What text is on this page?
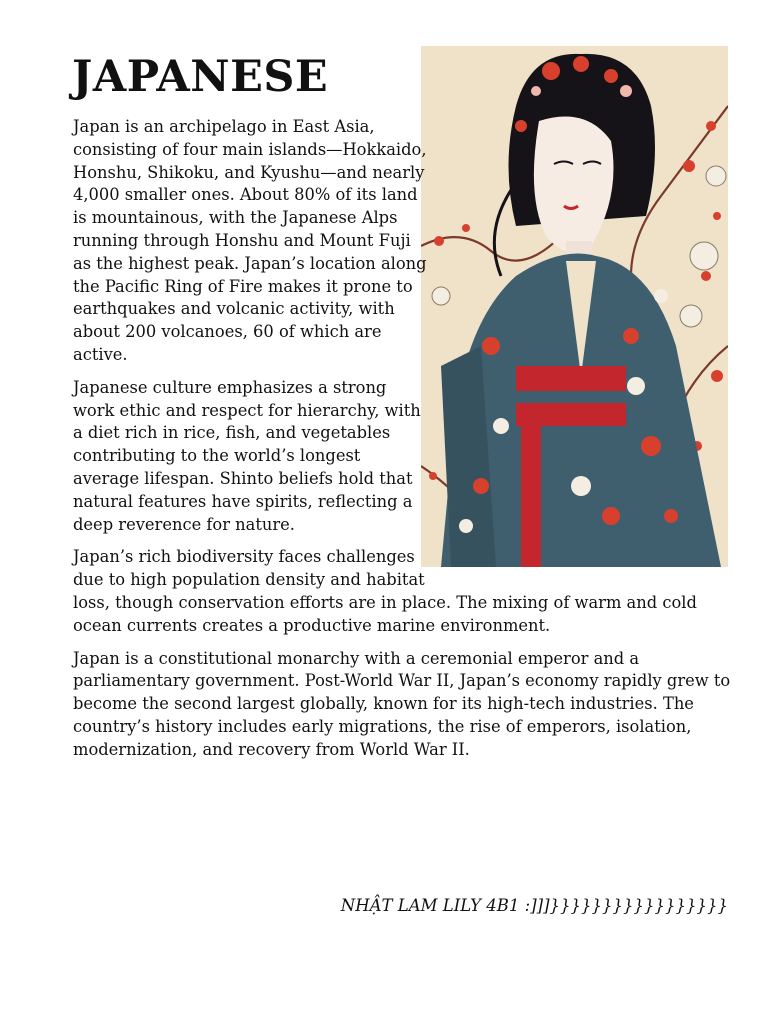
JAPANESE

Japan is an archipelago in East Asia, consisting of four main islands—Hokkaido, Honshu, Shikoku, and Kyushu—and nearly 4,000 smaller ones. About 80% of its land is mountainous, with the Japanese Alps running through Honshu and Mount Fuji as the highest peak. Japan’s location along the Pacific Ring of Fire makes it prone to earthquakes and volcanic activity, with about 200 volcanoes, 60 of which are active.

Japanese culture emphasizes a strong work ethic and respect for hierarchy, with a diet rich in rice, fish, and vegetables contributing to the world’s longest average lifespan. Shinto beliefs hold that natural features have spirits, reflecting a deep reverence for nature.

Japan’s rich biodiversity faces challenges due to high population density and habitat loss, though conservation efforts are in place. The mixing of warm and cold ocean currents creates a productive marine environment.

Japan is a constitutional monarchy with a ceremonial emperor and a parliamentary government. Post-World War II, Japan’s economy rapidly grew to become the second largest globally, known for its high-tech industries. The country’s history includes early migrations, the rise of emperors, isolation, modernization, and recovery from World War II.

NHẬT LAM LILY 4B1 :]]]}}}}}}}}}}}}}}}}}
